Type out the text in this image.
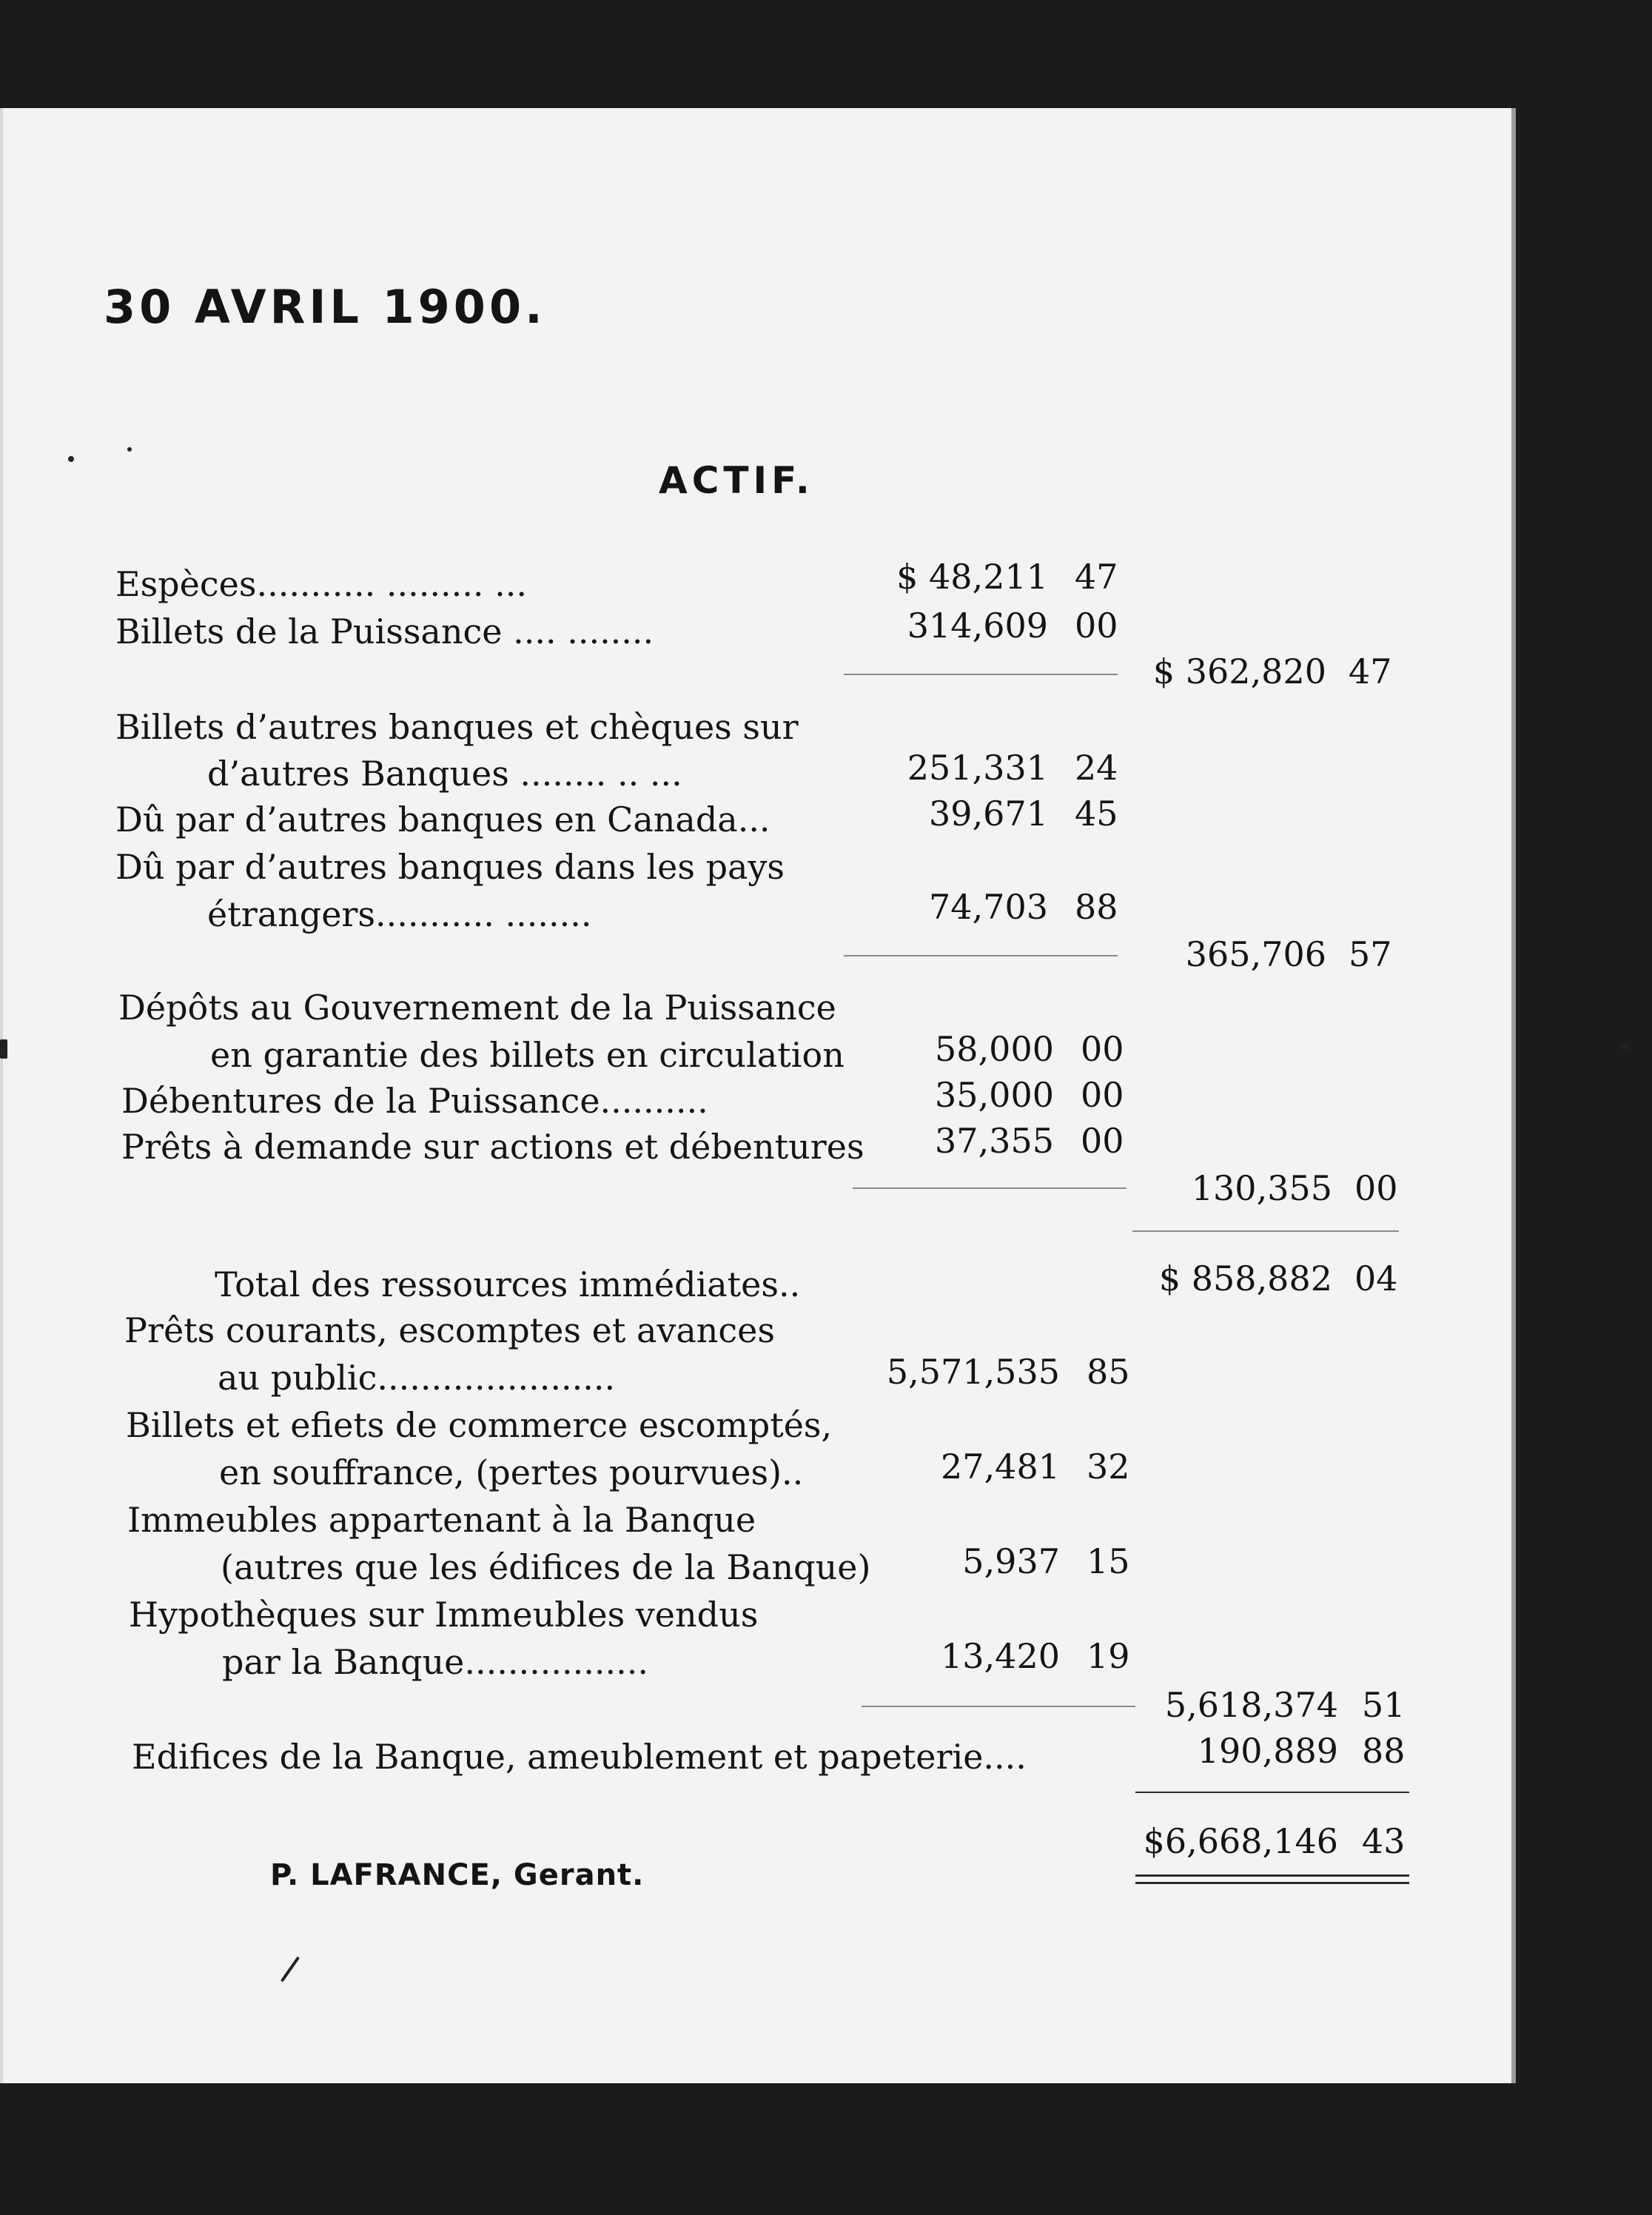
30 AVRIL 1900.
ACTIF.
Espèces........... ......... ...	$ 48,211 47
Billets de la Puissance .... ........	314,609 00
$ 362,820 47
Billets d’autres banques et chèques sur
d’autres Banques ........ .. ...	251,331 24
Dû par d’autres banques en Canada...	39,671 45
Dû par d’autres banques dans les pays
étrangers........... ........	74,703 88
365,706 57
Dépôts au Gouvernement de la Puissance
en garantie des billets en circulation	58,000 00
Débentures de la Puissance..........	35,000 00
Prêts à demande sur actions et débentures 37,355 00
130,355 00
Total des ressources immédiates..	$ 858,882 04
Prêts courants, escomptes et avances
au public......................	5,571,535 85
Billets et efiets de commerce escomptés,
en souffrance, (pertes pourvues)..	27,481 32
Immeubles appartenant à la Banque
(autres que les édifices de la Banque)	5,937 15
Hypothèques sur Immeubles vendus
par la Banque.................	13,420 19
5,618,374 51
Edifices de la Banque, ameublement et papeterie....	190,889 88
$6,668,146 43
P. LAFRANCE, Gerant.
